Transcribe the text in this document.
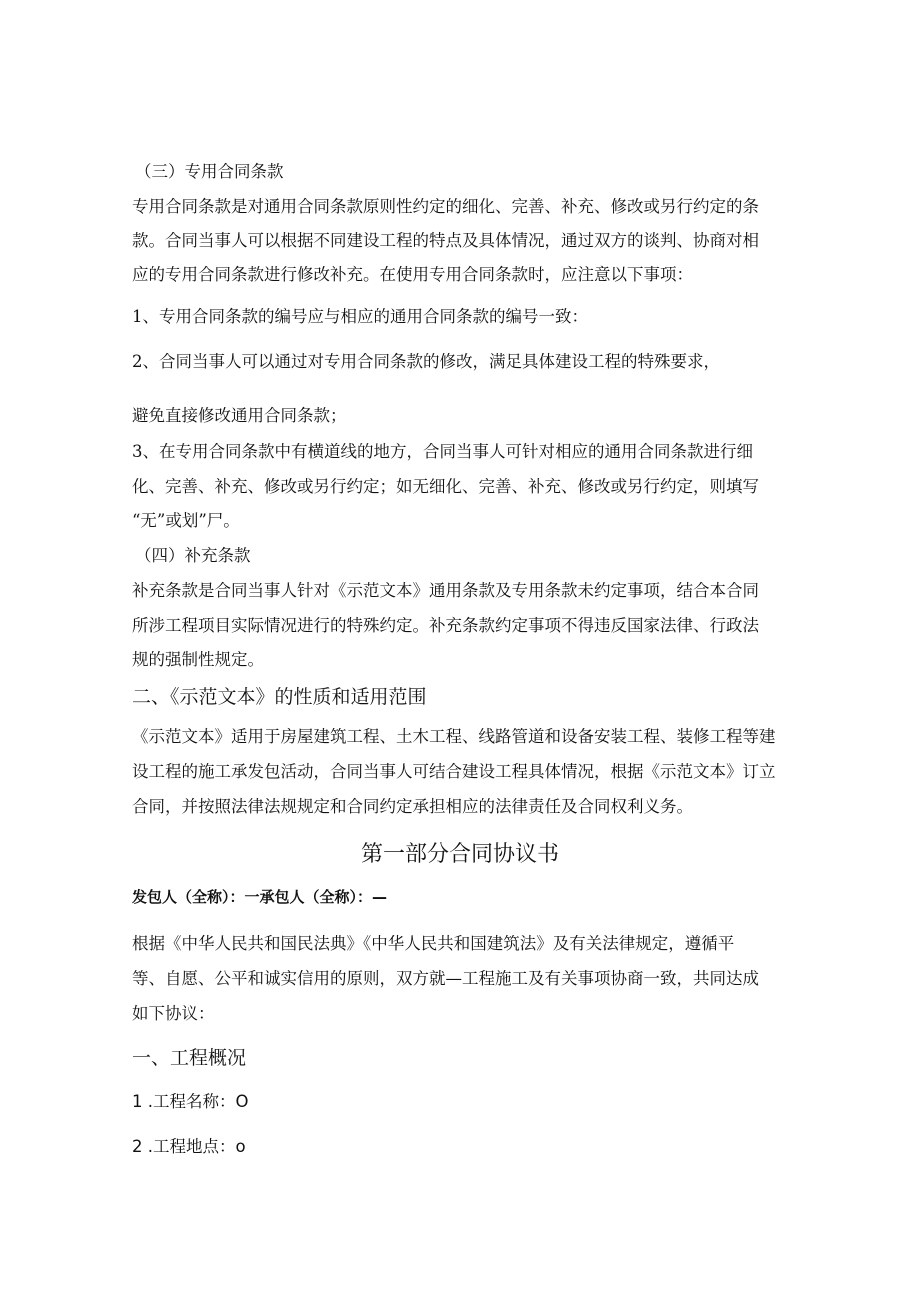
（三）专用合同条款
专用合同条款是对通用合同条款原则性约定的细化、完善、补充、修改或另行约定的条
款。合同当事人可以根据不同建设工程的特点及具体情况，通过双方的谈判、协商对相
应的专用合同条款进行修改补充。在使用专用合同条款时，应注意以下事项：
1、专用合同条款的编号应与相应的通用合同条款的编号一致：
2、合同当事人可以通过对专用合同条款的修改，满足具体建设工程的特殊要求，
避免直接修改通用合同条款；
3、在专用合同条款中有横道线的地方，合同当事人可针对相应的通用合同条款进行细
化、完善、补充、修改或另行约定；如无细化、完善、补充、修改或另行约定，则填写
“无”或划”尸。
（四）补充条款
补充条款是合同当事人针对《示范文本》通用条款及专用条款未约定事项，结合本合同
所涉工程项目实际情况进行的特殊约定。补充条款约定事项不得违反国家法律、行政法
规的强制性规定。
二、《示范文本》的性质和适用范围
《示范文本》适用于房屋建筑工程、土木工程、线路管道和设备安装工程、装修工程等建
设工程的施工承发包活动，合同当事人可结合建设工程具体情况，根据《示范文本》订立
合同，并按照法律法规规定和合同约定承担相应的法律责任及合同权利义务。
第一部分合同协议书
发包人（全称）：一承包人（全称）：—
根据《中华人民共和国民法典》《中华人民共和国建筑法》及有关法律规定，遵循平
等、自愿、公平和诚实信用的原则，双方就—工程施工及有关事项协商一致，共同达成
如下协议：
一、工程概况
1 .工程名称：O
2 .工程地点：o
